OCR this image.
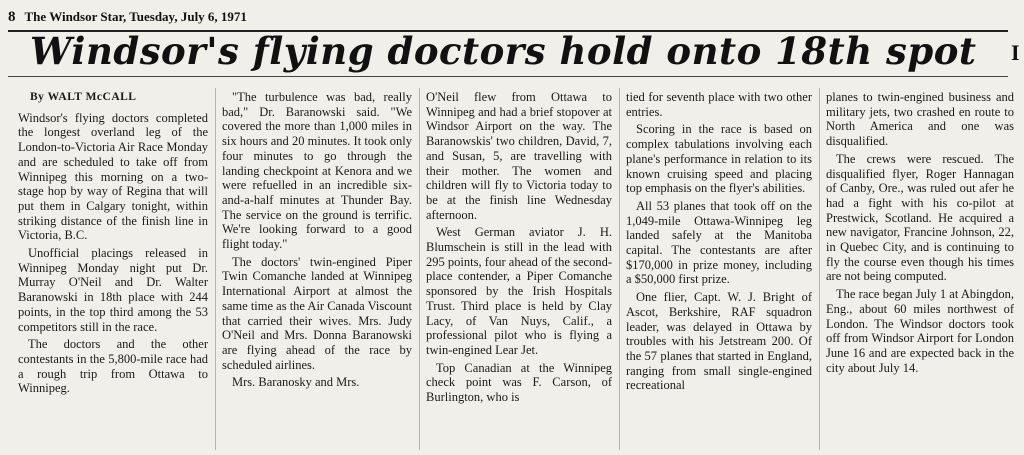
8 The Windsor Star, Tuesday, July 6, 1971
Windsor's flying doctors hold onto 18th spot	I

By WALT McCALL

Windsor's flying doctors completed the longest overland leg of the London-to-Victoria Air Race Monday and are scheduled to take off from Winnipeg this morning on a two-stage hop by way of Regina that will put them in Calgary tonight, within striking distance of the finish line in Victoria, B.C.

Unofficial placings released in Winnipeg Monday night put Dr. Murray O'Neil and Dr. Walter Baranowski in 18th place with 244 points, in the top third among the 53 competitors still in the race.

The doctors and the other contestants in the 5,800-mile race had a rough trip from Ottawa to Winnipeg.

"The turbulence was bad, really bad," Dr. Baranowski said. "We covered the more than 1,000 miles in six hours and 20 minutes. It took only four minutes to go through the landing checkpoint at Kenora and we were refuelled in an incredible six-and-a-half minutes at Thunder Bay. The service on the ground is terrific. We're looking forward to a good flight today."

The doctors' twin-engined Piper Twin Comanche landed at Winnipeg International Airport at almost the same time as the Air Canada Viscount that carried their wives. Mrs. Judy O'Neil and Mrs. Donna Baranowski are flying ahead of the race by scheduled airlines.

Mrs. Baranosky and Mrs.

O'Neil flew from Ottawa to Winnipeg and had a brief stopover at Windsor Airport on the way. The Baranowskis' two children, David, 7, and Susan, 5, are travelling with their mother. The women and children will fly to Victoria today to be at the finish line Wednesday afternoon.

West German aviator J. H. Blumschein is still in the lead with 295 points, four ahead of the second-place contender, a Piper Comanche sponsored by the Irish Hospitals Trust. Third place is held by Clay Lacy, of Van Nuys, Calif., a professional pilot who is flying a twin-engined Lear Jet.

Top Canadian at the Winnipeg check point was F. Carson, of Burlington, who is

tied for seventh place with two other entries.

Scoring in the race is based on complex tabulations involving each plane's performance in relation to its known cruising speed and placing top emphasis on the flyer's abilities.

All 53 planes that took off on the 1,049-mile Ottawa-Winnipeg leg landed safely at the Manitoba capital. The contestants are after $170,000 in prize money, including a $50,000 first prize.

One flier, Capt. W. J. Bright of Ascot, Berkshire, RAF squadron leader, was delayed in Ottawa by troubles with his Jetstream 200. Of the 57 planes that started in England, ranging from small single-engined recreational

planes to twin-engined business and military jets, two crashed en route to North America and one was disqualified.

The crews were rescued. The disqualified flyer, Roger Hannagan of Canby, Ore., was ruled out afer he had a fight with his co-pilot at Prestwick, Scotland. He acquired a new navigator, Francine Johnson, 22, in Quebec City, and is continuing to fly the course even though his times are not being computed.

The race began July 1 at Abingdon, Eng., about 60 miles northwest of London. The Windsor doctors took off from Windsor Airport for London June 16 and are expected back in the city about July 14.
